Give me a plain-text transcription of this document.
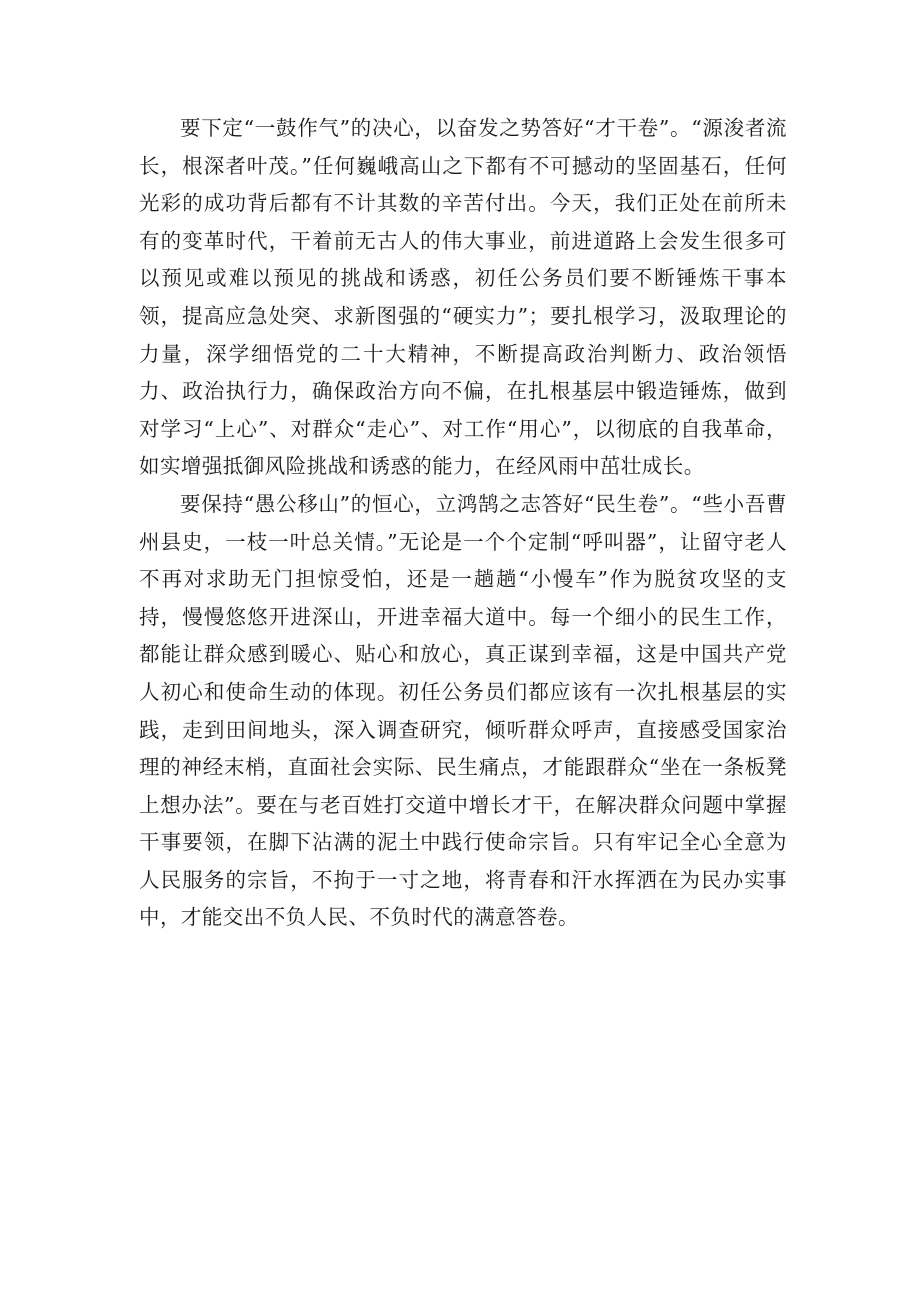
要下定“一鼓作气”的决心，以奋发之势答好“才干卷”。“源浚者流长，根深者叶茂。”任何巍峨高山之下都有不可撼动的坚固基石，任何光彩的成功背后都有不计其数的辛苦付出。今天，我们正处在前所未有的变革时代，干着前无古人的伟大事业，前进道路上会发生很多可以预见或难以预见的挑战和诱惑，初任公务员们要不断锤炼干事本领，提高应急处突、求新图强的“硬实力”；要扎根学习，汲取理论的力量，深学细悟党的二十大精神，不断提高政治判断力、政治领悟力、政治执行力，确保政治方向不偏，在扎根基层中锻造锤炼，做到对学习“上心”、对群众“走心”、对工作“用心”，以彻底的自我革命，如实增强抵御风险挑战和诱惑的能力，在经风雨中茁壮成长。

要保持“愚公移山”的恒心，立鸿鹄之志答好“民生卷”。“些小吾曹州县史，一枝一叶总关情。”无论是一个个定制“呼叫器”，让留守老人不再对求助无门担惊受怕，还是一趟趟“小慢车”作为脱贫攻坚的支持，慢慢悠悠开进深山，开进幸福大道中。每一个细小的民生工作，都能让群众感到暖心、贴心和放心，真正谋到幸福，这是中国共产党人初心和使命生动的体现。初任公务员们都应该有一次扎根基层的实践，走到田间地头，深入调查研究，倾听群众呼声，直接感受国家治理的神经末梢，直面社会实际、民生痛点，才能跟群众“坐在一条板凳上想办法”。要在与老百姓打交道中增长才干，在解决群众问题中掌握干事要领，在脚下沾满的泥土中践行使命宗旨。只有牢记全心全意为人民服务的宗旨，不拘于一寸之地，将青春和汗水挥洒在为民办实事中，才能交出不负人民、不负时代的满意答卷。
